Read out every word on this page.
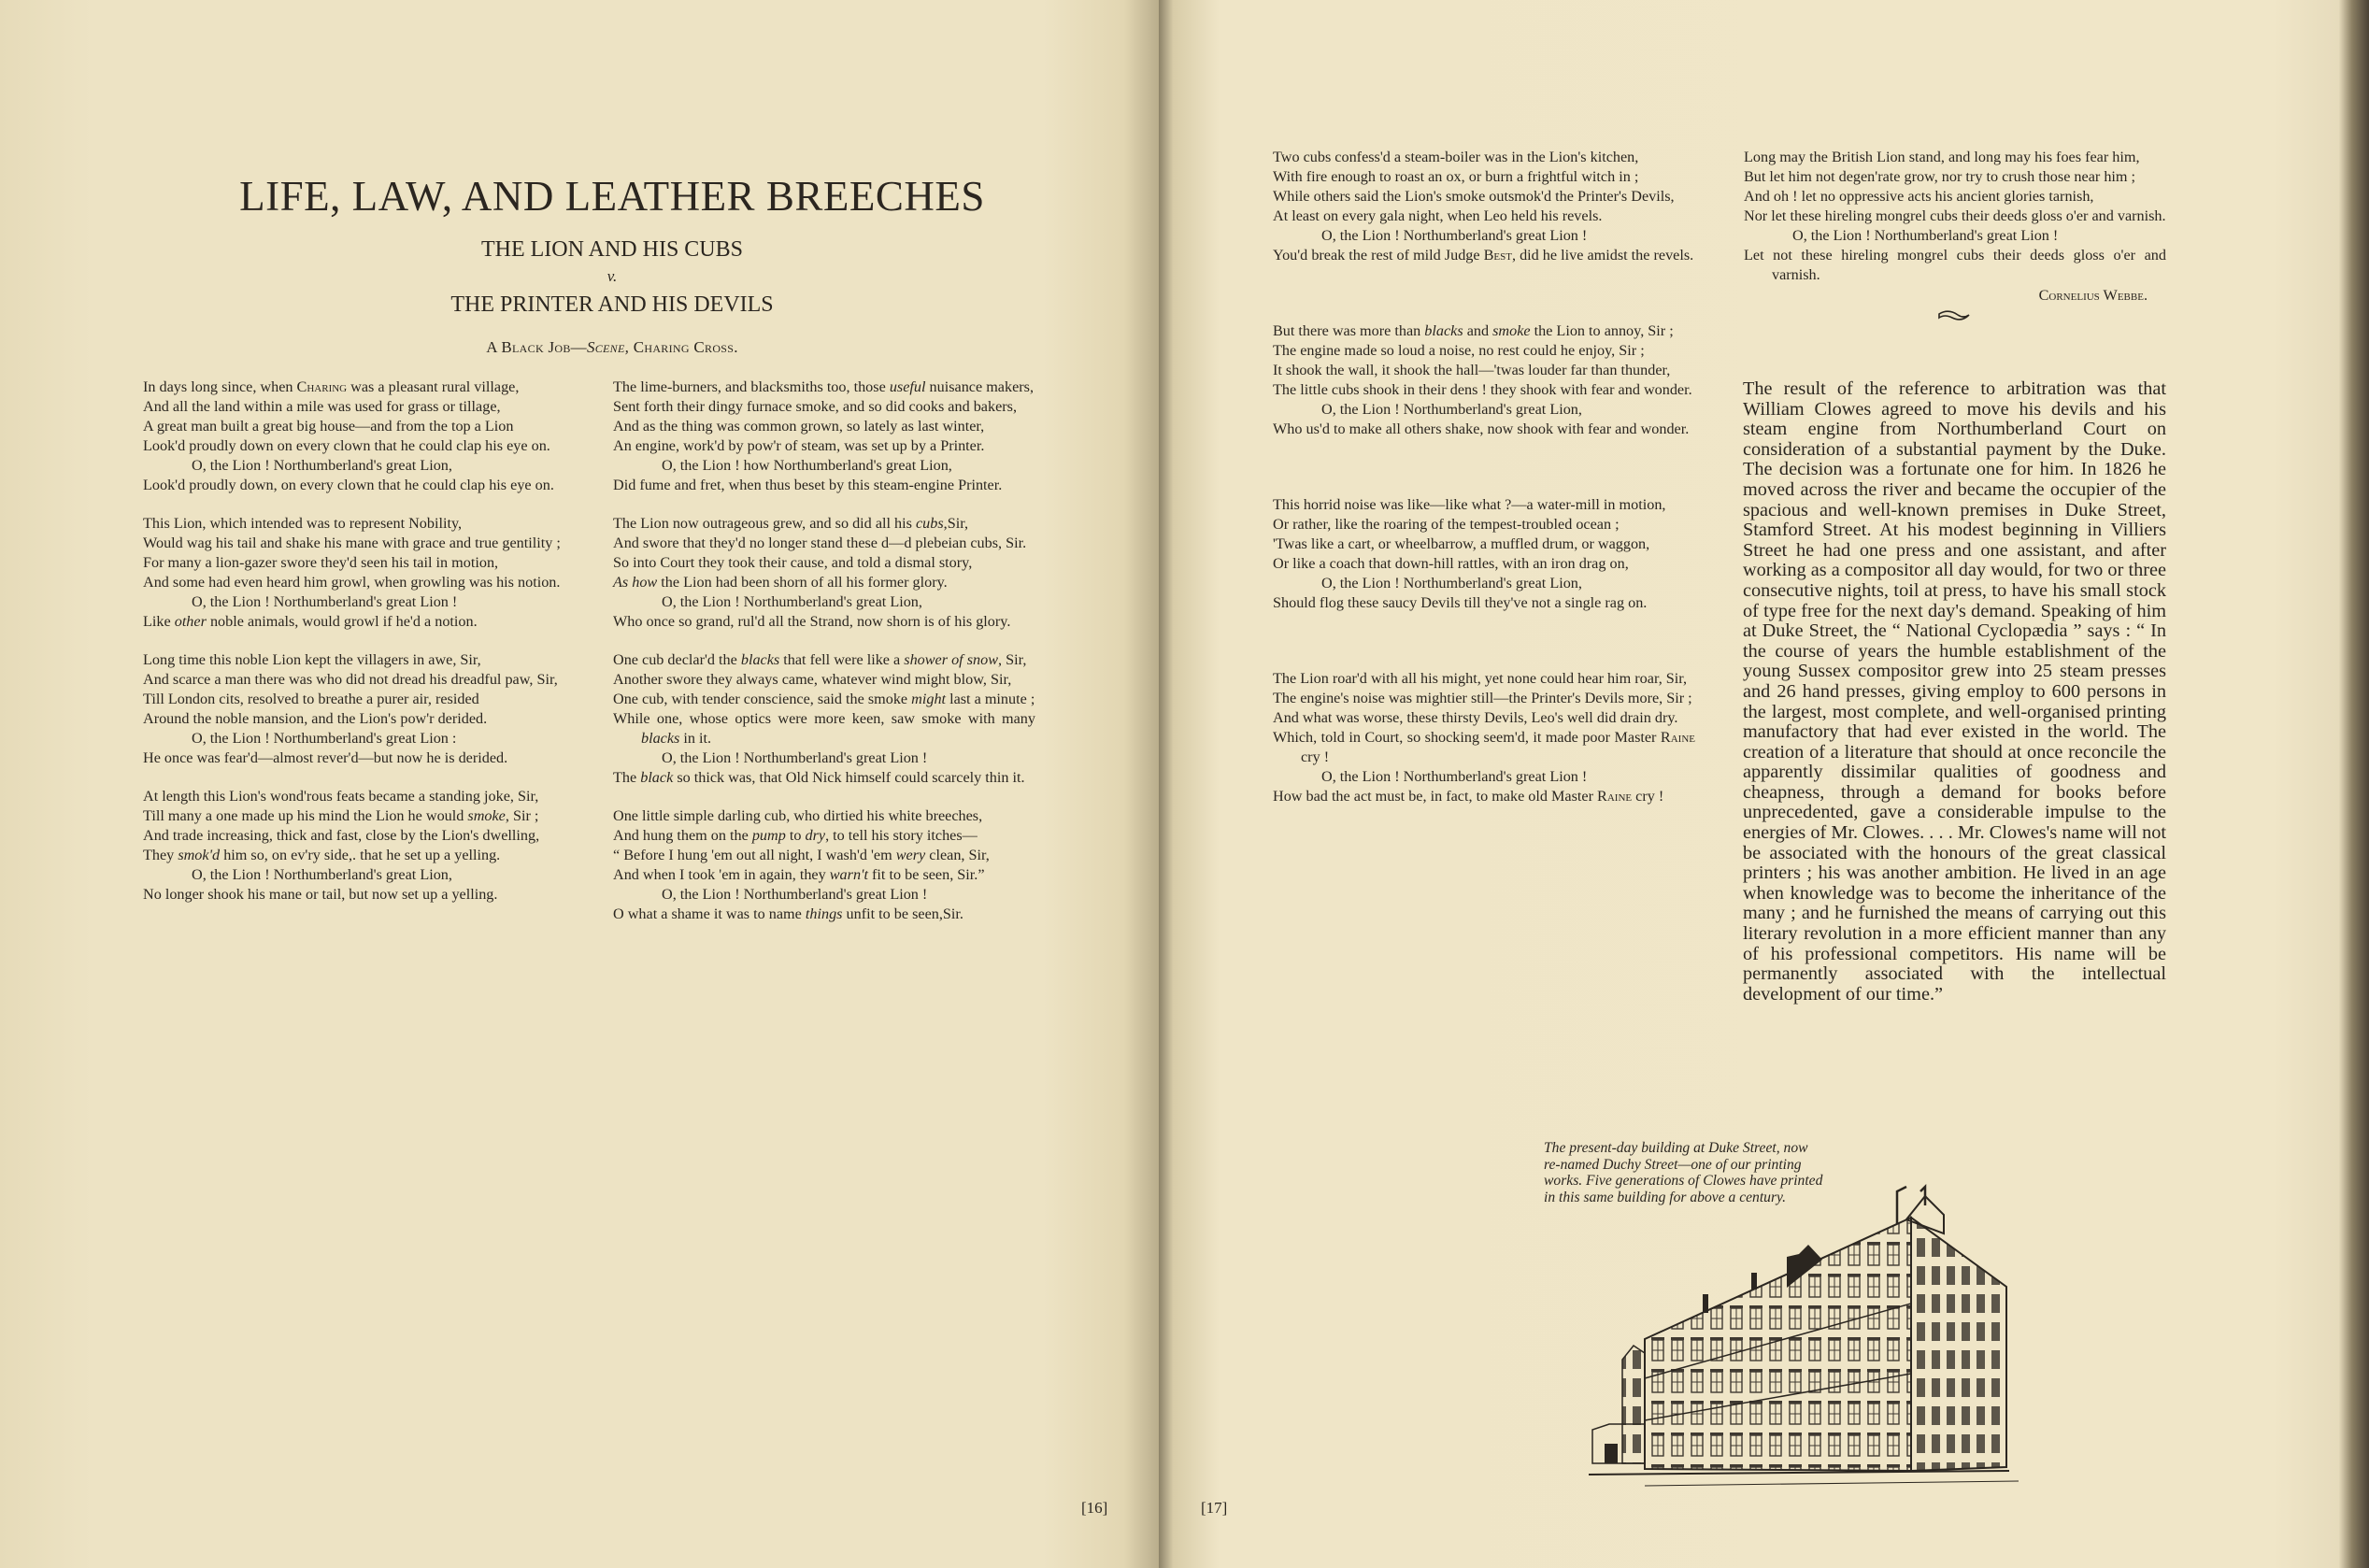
LIFE, LAW, AND LEATHER BREECHES
THE LION AND HIS CUBS
v.
THE PRINTER AND HIS DEVILS
A Black Job—Scene, Charing Cross.
In days long since, when Charing was a pleasant rural village,
And all the land within a mile was used for grass or tillage,
A great man built a great big house—and from the top a Lion
Look'd proudly down on every clown that he could clap his eye on.
O, the Lion ! Northumberland's great Lion,
Look'd proudly down, on every clown that he could clap his eye on.
This Lion, which intended was to represent Nobility,
Would wag his tail and shake his mane with grace and true gentility ;
For many a lion-gazer swore they'd seen his tail in motion,
And some had even heard him growl, when growling was his notion.
O, the Lion ! Northumberland's great Lion !
Like other noble animals, would growl if he'd a notion.
Long time this noble Lion kept the villagers in awe, Sir,
And scarce a man there was who did not dread his dreadful paw, Sir,
Till London cits, resolved to breathe a purer air, resided
Around the noble mansion, and the Lion's pow'r derided.
O, the Lion ! Northumberland's great Lion :
He once was fear'd—almost rever'd—but now he is derided.
At length this Lion's wond'rous feats became a standing joke, Sir,
Till many a one made up his mind the Lion he would smoke, Sir ;
And trade increasing, thick and fast, close by the Lion's dwelling,
They smok'd him so, on ev'ry side,. that he set up a yelling.
O, the Lion ! Northumberland's great Lion,
No longer shook his mane or tail, but now set up a yelling.
The lime-burners, and blacksmiths too, those useful nuisance makers,
Sent forth their dingy furnace smoke, and so did cooks and bakers,
And as the thing was common grown, so lately as last winter,
An engine, work'd by pow'r of steam, was set up by a Printer.
O, the Lion ! how Northumberland's great Lion,
Did fume and fret, when thus beset by this steam-engine Printer.
The Lion now outrageous grew, and so did all his cubs,Sir,
And swore that they'd no longer stand these d—d plebeian cubs, Sir.
So into Court they took their cause, and told a dismal story,
As how the Lion had been shorn of all his former glory.
O, the Lion ! Northumberland's great Lion,
Who once so grand, rul'd all the Strand, now shorn is of his glory.
One cub declar'd the blacks that fell were like a shower of snow, Sir,
Another swore they always came, whatever wind might blow, Sir,
One cub, with tender conscience, said the smoke might last a minute ;
While one, whose optics were more keen, saw smoke with many blacks in it.
O, the Lion ! Northumberland's great Lion !
The black so thick was, that Old Nick himself could scarcely thin it.
One little simple darling cub, who dirtied his white breeches,
And hung them on the pump to dry, to tell his story itches—
“ Before I hung 'em out all night, I wash'd 'em wery clean, Sir,
And when I took 'em in again, they warn't fit to be seen, Sir.”
O, the Lion ! Northumberland's great Lion !
O what a shame it was to name things unfit to be seen,Sir.
Two cubs confess'd a steam-boiler was in the Lion's kitchen,
With fire enough to roast an ox, or burn a frightful witch in ;
While others said the Lion's smoke outsmok'd the Printer's Devils,
At least on every gala night, when Leo held his revels.
O, the Lion ! Northumberland's great Lion !
You'd break the rest of mild Judge Best, did he live amidst the revels.
But there was more than blacks and smoke the Lion to annoy, Sir ;
The engine made so loud a noise, no rest could he enjoy, Sir ;
It shook the wall, it shook the hall—'twas louder far than thunder,
The little cubs shook in their dens ! they shook with fear and wonder.
O, the Lion ! Northumberland's great Lion,
Who us'd to make all others shake, now shook with fear and wonder.
This horrid noise was like—like what ?—a water-mill in motion,
Or rather, like the roaring of the tempest-troubled ocean ;
'Twas like a cart, or wheelbarrow, a muffled drum, or waggon,
Or like a coach that down-hill rattles, with an iron drag on,
O, the Lion ! Northumberland's great Lion,
Should flog these saucy Devils till they've not a single rag on.
The Lion roar'd with all his might, yet none could hear him roar, Sir,
The engine's noise was mightier still—the Printer's Devils more, Sir ;
And what was worse, these thirsty Devils, Leo's well did drain dry.
Which, told in Court, so shocking seem'd, it made poor Master Raine cry !
O, the Lion ! Northumberland's great Lion !
How bad the act must be, in fact, to make old Master Raine cry !
Long may the British Lion stand, and long may his foes fear him,
But let him not degen'rate grow, nor try to crush those near him ;
And oh ! let no oppressive acts his ancient glories tarnish,
Nor let these hireling mongrel cubs their deeds gloss o'er and varnish.
O, the Lion ! Northumberland's great Lion !
Let not these hireling mongrel cubs their deeds gloss o'er and varnish.
Cornelius Webbe.
The result of the reference to arbitration was that William Clowes agreed to move his devils and his steam engine from Northumberland Court on consideration of a substantial payment by the Duke. The decision was a fortunate one for him. In 1826 he moved across the river and became the occupier of the spacious and well-known premises in Duke Street, Stamford Street. At his modest beginning in Villiers Street he had one press and one assistant, and after working as a compositor all day would, for two or three consecutive nights, toil at press, to have his small stock of type free for the next day's demand. Speaking of him at Duke Street, the “ National Cyclopædia ” says : “ In the course of years the humble establishment of the young Sussex compositor grew into 25 steam presses and 26 hand presses, giving employ to 600 persons in the largest, most complete, and well-organised printing manufactory that had ever existed in the world. The creation of a literature that should at once reconcile the apparently dissimilar qualities of goodness and cheapness, through a demand for books before unprecedented, gave a considerable impulse to the energies of Mr. Clowes. . . . Mr. Clowes's name will not be associated with the honours of the great classical printers ; his was another ambition. He lived in an age when knowledge was to become the inheritance of the many ; and he furnished the means of carrying out this literary revolution in a more efficient manner than any of his professional competitors. His name will be permanently associated with the intellectual development of our time.”
The present-day building at Duke Street, now re-named Duchy Street—one of our printing works. Five generations of Clowes have printed in this same building for above a century.
[16]	[17]
